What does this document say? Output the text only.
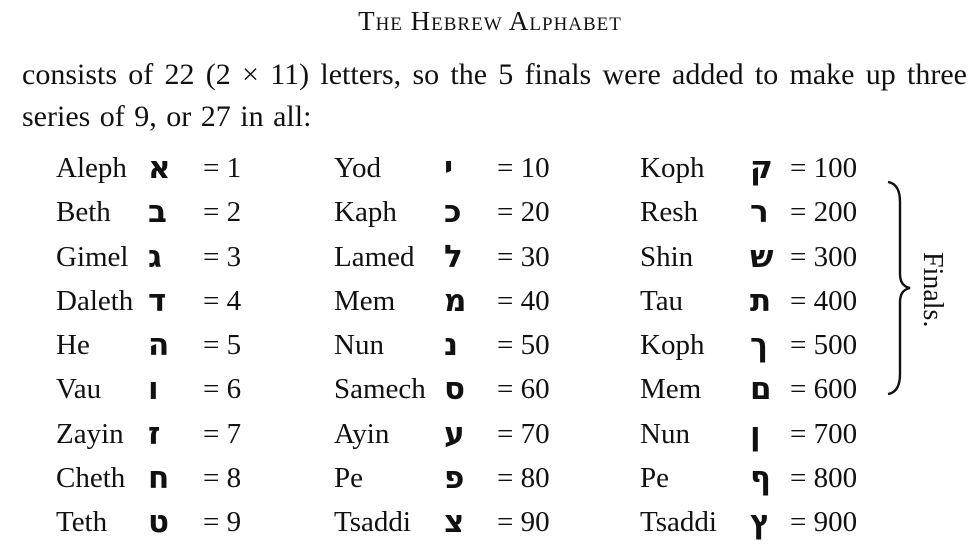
The Hebrew Alphabet
consists of 22 (2 × 11) letters, so the 5 finals were added to make up three series of 9, or 27 in all:
Aleph א = 1
Beth ב = 2
Gimel ג = 3
Daleth ד = 4
He ה = 5
Vau ו = 6
Zayin ז = 7
Cheth ח = 8
Teth ט = 9
Yod י = 10
Kaph כ = 20
Lamed ל = 30
Mem מ = 40
Nun נ = 50
Samech ס = 60
Ayin ע = 70
Pe	פ = 80
Tsaddi צ = 90
Koph ק = 100
Resh ר = 200
Shin ש = 300
Tau ת = 400
Koph ך = 500
Mem ם = 600
Nun ן = 700
Pe	ף = 800
Tsaddi ץ = 900
Finals.
